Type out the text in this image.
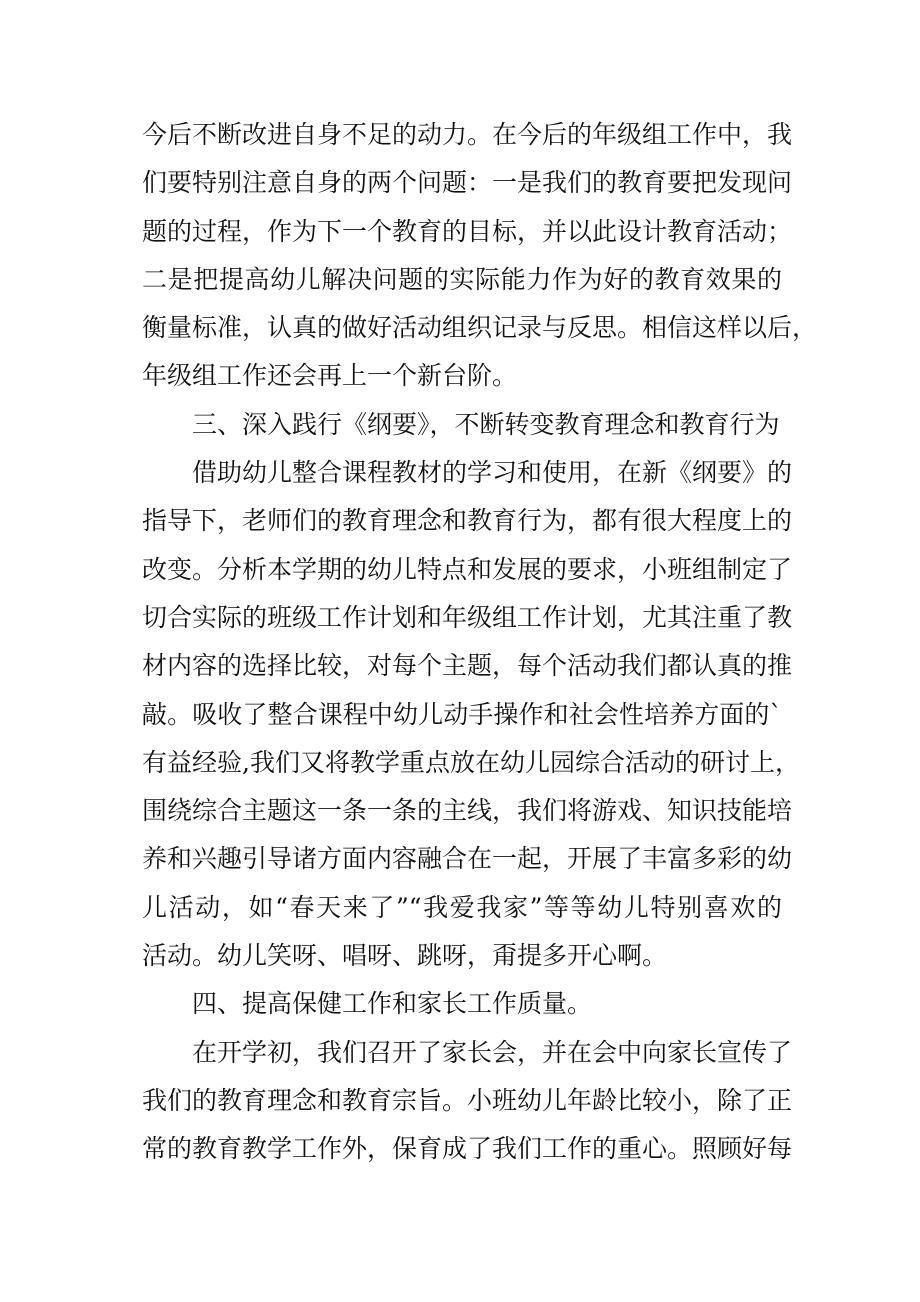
今后不断改进自身不足的动力。在今后的年级组工作中，我
们要特别注意自身的两个问题：一是我们的教育要把发现问
题的过程，作为下一个教育的目标，并以此设计教育活动；
二是把提高幼儿解决问题的实际能力作为好的教育效果的
衡量标准，认真的做好活动组织记录与反思。相信这样以后，
年级组工作还会再上一个新台阶。
三、深入践行《纲要》，不断转变教育理念和教育行为
借助幼儿整合课程教材的学习和使用，在新《纲要》的
指导下，老师们的教育理念和教育行为，都有很大程度上的
改变。分析本学期的幼儿特点和发展的要求，小班组制定了
切合实际的班级工作计划和年级组工作计划，尤其注重了教
材内容的选择比较，对每个主题，每个活动我们都认真的推
敲。吸收了整合课程中幼儿动手操作和社会性培养方面的`
有益经验,我们又将教学重点放在幼儿园综合活动的研讨上，
围绕综合主题这一条一条的主线，我们将游戏、知识技能培
养和兴趣引导诸方面内容融合在一起，开展了丰富多彩的幼
儿活动，如“春天来了”“我爱我家”等等幼儿特别喜欢的
活动。幼儿笑呀、唱呀、跳呀，甭提多开心啊。
四、提高保健工作和家长工作质量。
在开学初，我们召开了家长会，并在会中向家长宣传了
我们的教育理念和教育宗旨。小班幼儿年龄比较小，除了正
常的教育教学工作外，保育成了我们工作的重心。照顾好每
